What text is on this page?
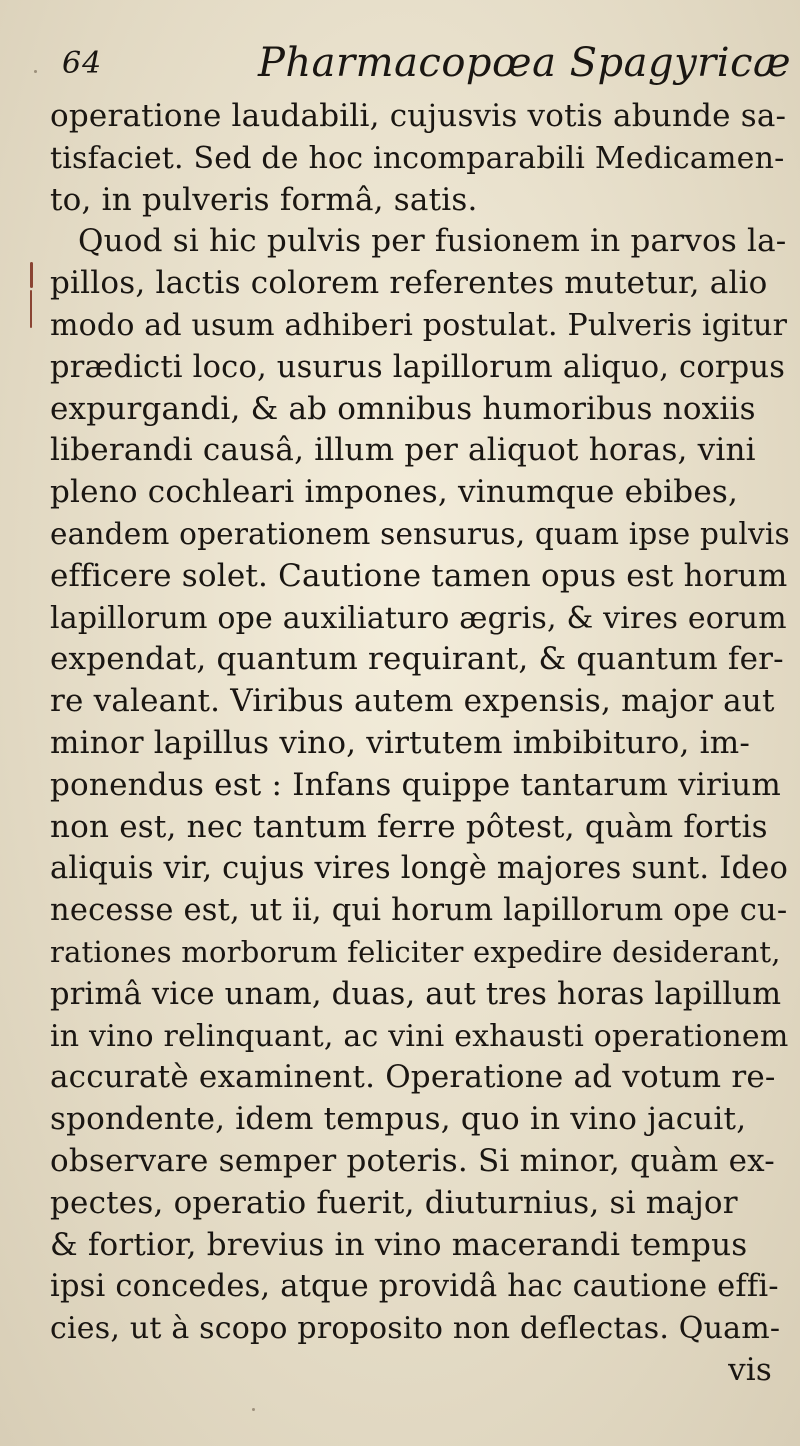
64	Pharmacopœa Spagyricæ
operatione laudabili, cujusvis votis abunde sa-
tisfaciet. Sed de hoc incomparabili Medicamen-
to, in pulveris formâ, satis.
Quod si hic pulvis per fusionem in parvos la-
pillos, lactis colorem referentes mutetur, alio
modo ad usum adhiberi postulat. Pulveris igitur
prædicti loco, usurus lapillorum aliquo, corpus
expurgandi, & ab omnibus humoribus noxiis
liberandi causâ, illum per aliquot horas, vini
pleno cochleari impones, vinumque ebibes,
eandem operationem sensurus, quam ipse pulvis
efficere solet. Cautione tamen opus est horum
lapillorum ope auxiliaturo ægris, & vires eorum
expendat, quantum requirant, & quantum fer-
re valeant. Viribus autem expensis, major aut
minor lapillus vino, virtutem imbibituro, im-
ponendus est : Infans quippe tantarum virium
non est, nec tantum ferre pôtest, quàm fortis
aliquis vir, cujus vires longè majores sunt. Ideo
necesse est, ut ii, qui horum lapillorum ope cu-
rationes morborum feliciter expedire desiderant,
primâ vice unam, duas, aut tres horas lapillum
in vino relinquant, ac vini exhausti operationem
accuratè examinent. Operatione ad votum re-
spondente, idem tempus, quo in vino jacuit,
observare semper poteris. Si minor, quàm ex-
pectes, operatio fuerit, diuturnius, si major
& fortior, brevius in vino macerandi tempus
ipsi concedes, atque providâ hac cautione effi-
cies, ut à scopo proposito non deflectas. Quam-
vis
